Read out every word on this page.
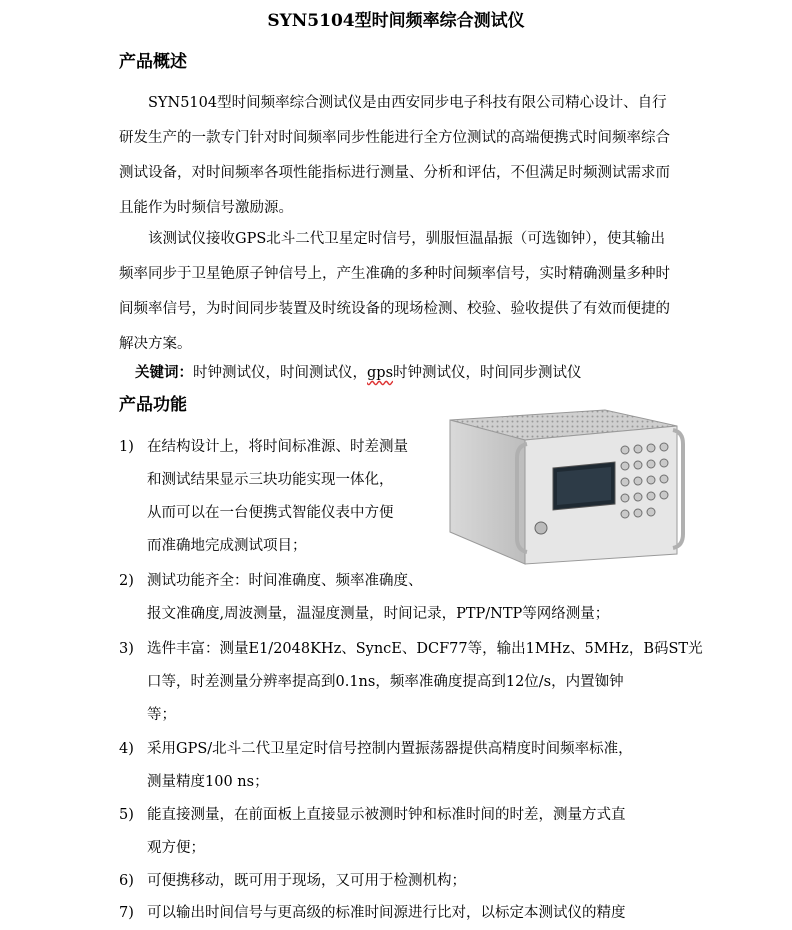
SYN5104型时间频率综合测试仪
产品概述
SYN5104型时间频率综合测试仪是由西安同步电子科技有限公司精心设计、自行研发生产的一款专门针对时间频率同步性能进行全方位测试的高端便携式时间频率综合测试设备，对时间频率各项性能指标进行测量、分析和评估，不但满足时频测试需求而且能作为时频信号激励源。
该测试仪接收GPS北斗二代卫星定时信号，驯服恒温晶振（可选铷钟），使其输出频率同步于卫星铯原子钟信号上，产生准确的多种时间频率信号，实时精确测量多种时间频率信号，为时间同步装置及时统设备的现场检测、校验、验收提供了有效而便捷的解决方案。
关键词：时钟测试仪，时间测试仪，gps时钟测试仪，时间同步测试仪
产品功能
1) 在结构设计上，将时间标准源、时差测量
和测试结果显示三块功能实现一体化，
从而可以在一台便携式智能仪表中方便
而准确地完成测试项目；
2) 测试功能齐全：时间准确度、频率准确度、
报文准确度,周波测量，温湿度测量，时间记录，PTP/NTP等网络测量；
3) 选件丰富：测量E1/2048KHz、SyncE、DCF77等，输出1MHz、5MHz，B码ST光
口等，时差测量分辨率提高到0.1ns，频率准确度提高到12位/s，内置铷钟
等；
4) 采用GPS/北斗二代卫星定时信号控制内置振荡器提供高精度时间频率标准，
测量精度100 ns；
5) 能直接测量，在前面板上直接显示被测时钟和标准时间的时差，测量方式直
观方便；
6) 可便携移动，既可用于现场，又可用于检测机构；
7) 可以输出时间信号与更高级的标准时间源进行比对，以标定本测试仪的精度
